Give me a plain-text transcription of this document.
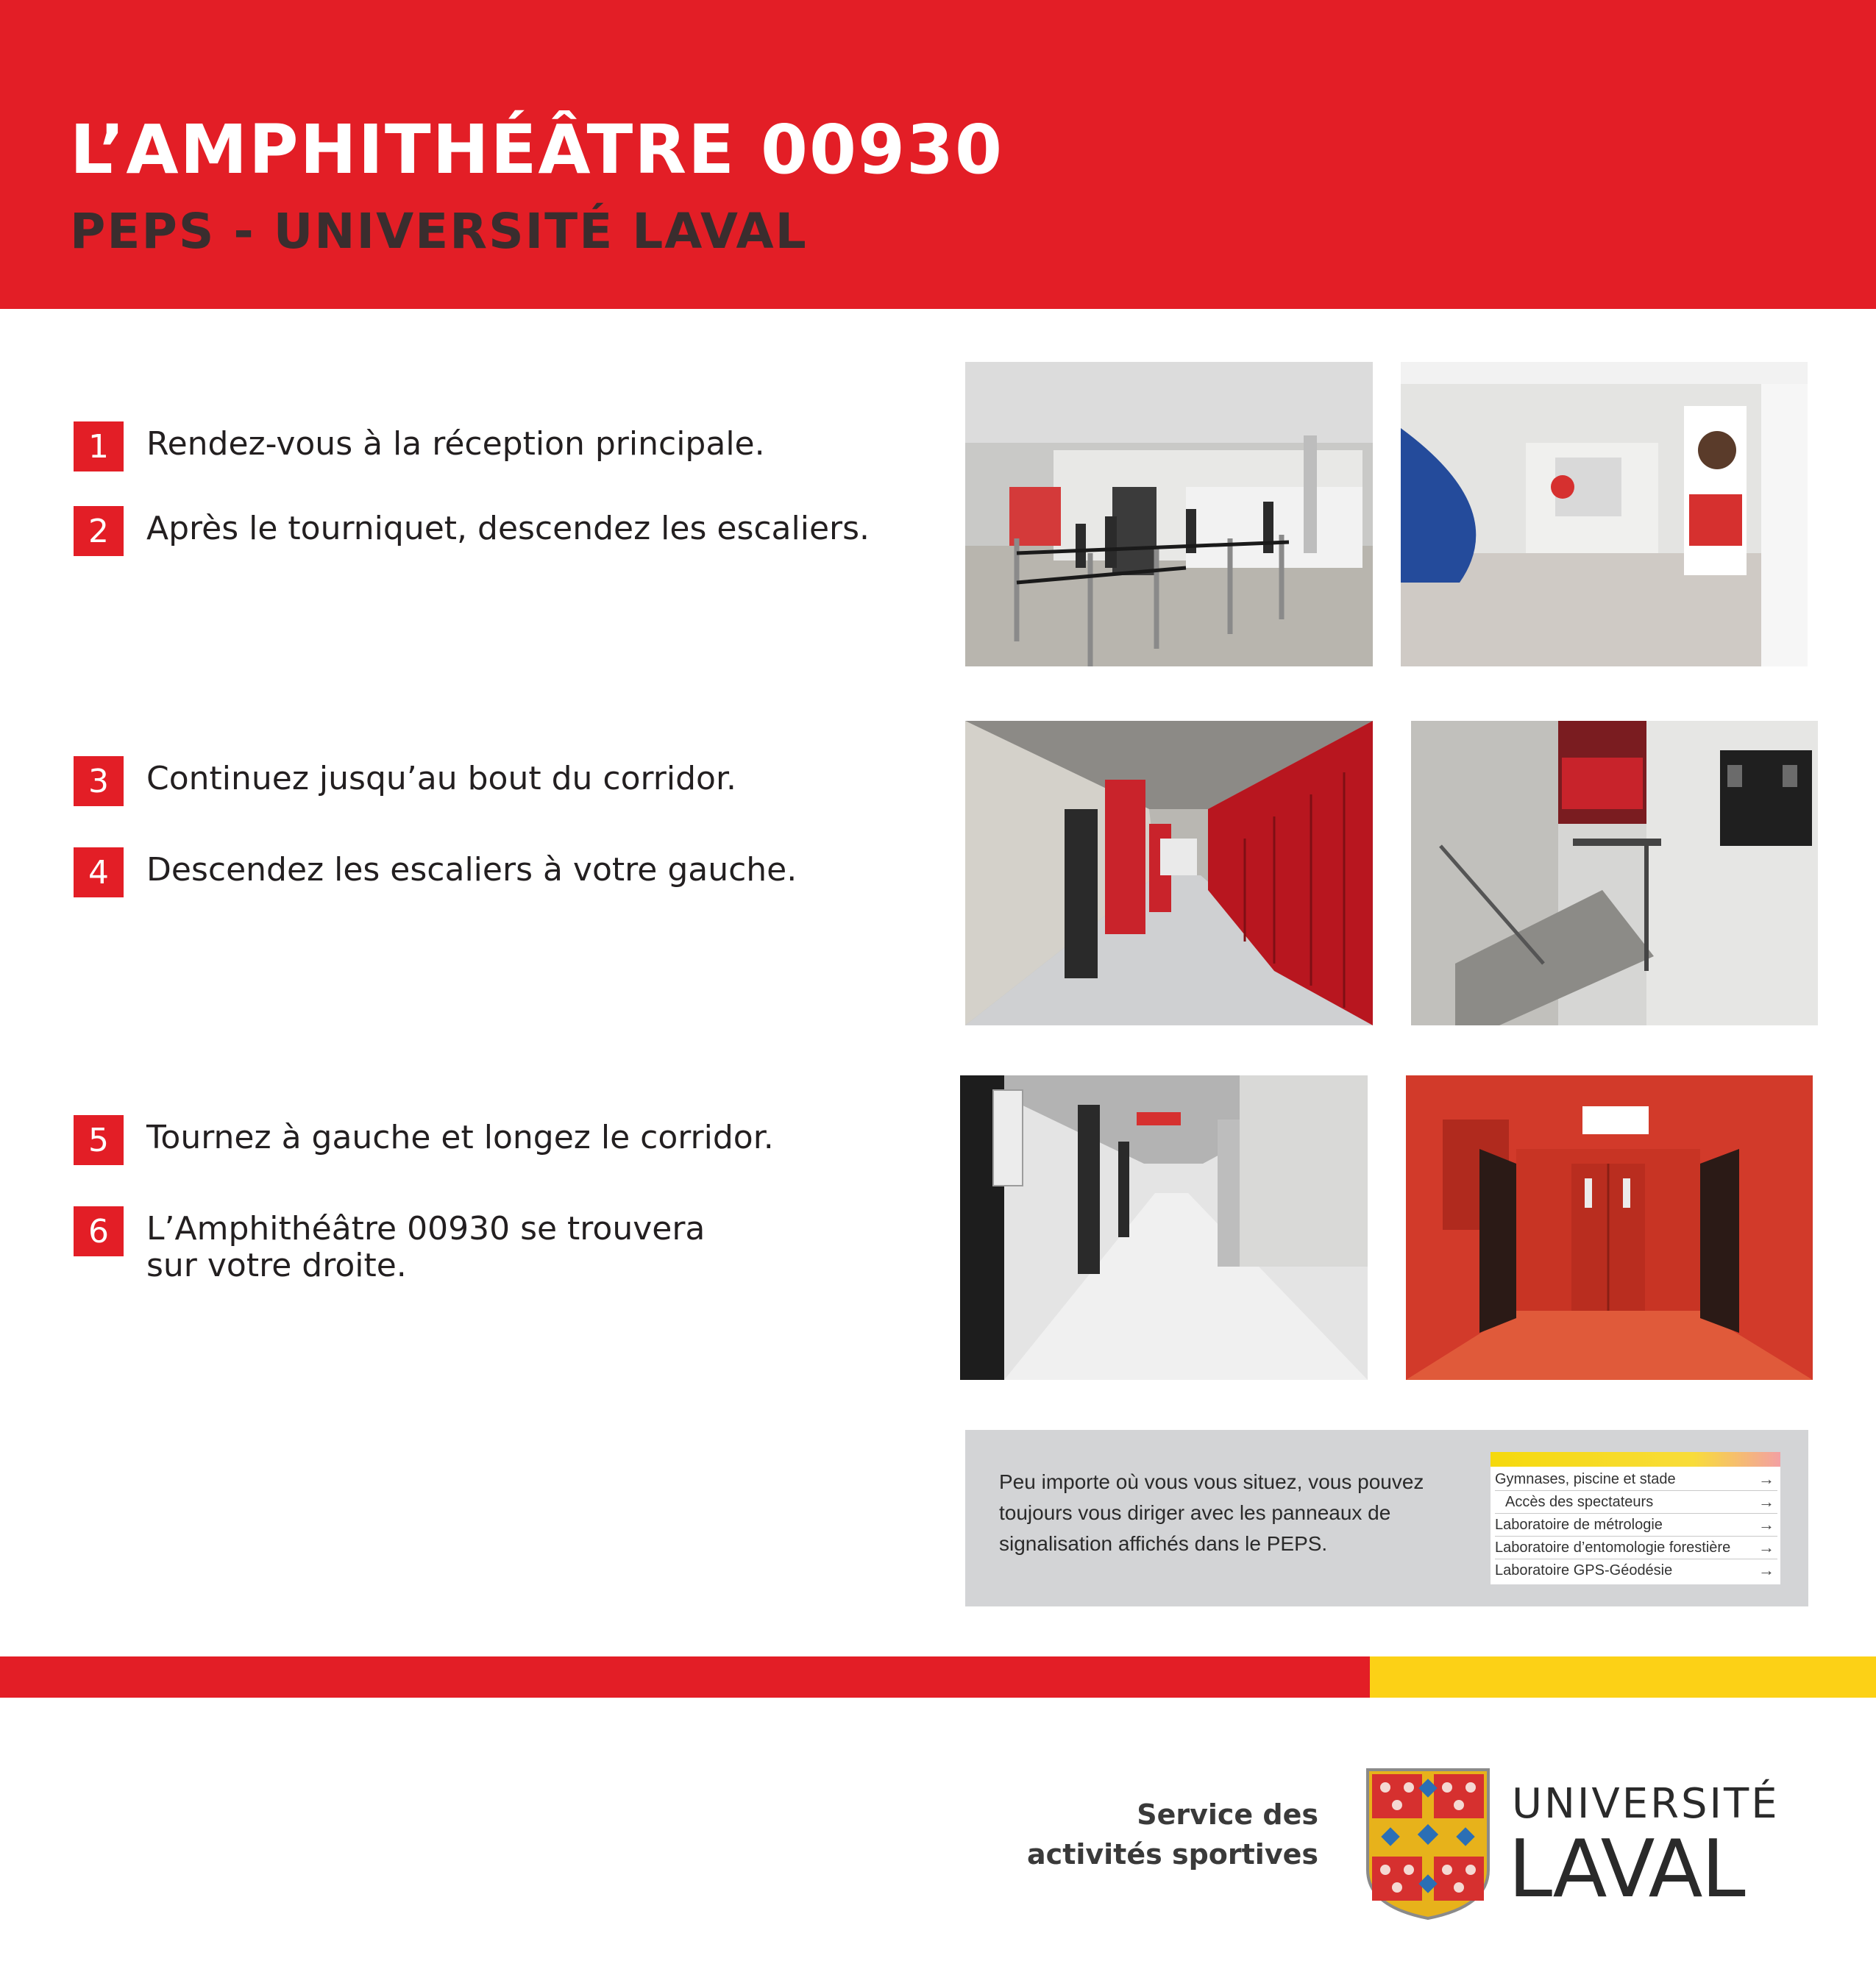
L’AMPHITHÉÂTRE 00930
PEPS - UNIVERSITÉ LAVAL
1	Rendez-vous à la réception principale.
2	Après le tourniquet, descendez les escaliers.
3	Continuez jusqu’au bout du corridor.
4	Descendez les escaliers à votre gauche.
5	Tournez à gauche et longez le corridor.
6	L’Amphithéâtre 00930 se trouvera
sur votre droite.
Peu importe où vous vous situez, vous pouvez toujours vous diriger avec les panneaux de signalisation affichés dans le PEPS.
Gymnases, piscine et stade	→
Accès des spectateurs	→
Laboratoire de métrologie	→
Laboratoire d’entomologie forestière →
Laboratoire GPS-Géodésie	→
Service des
activités sportives
UNIVERSITÉ
LAVAL
